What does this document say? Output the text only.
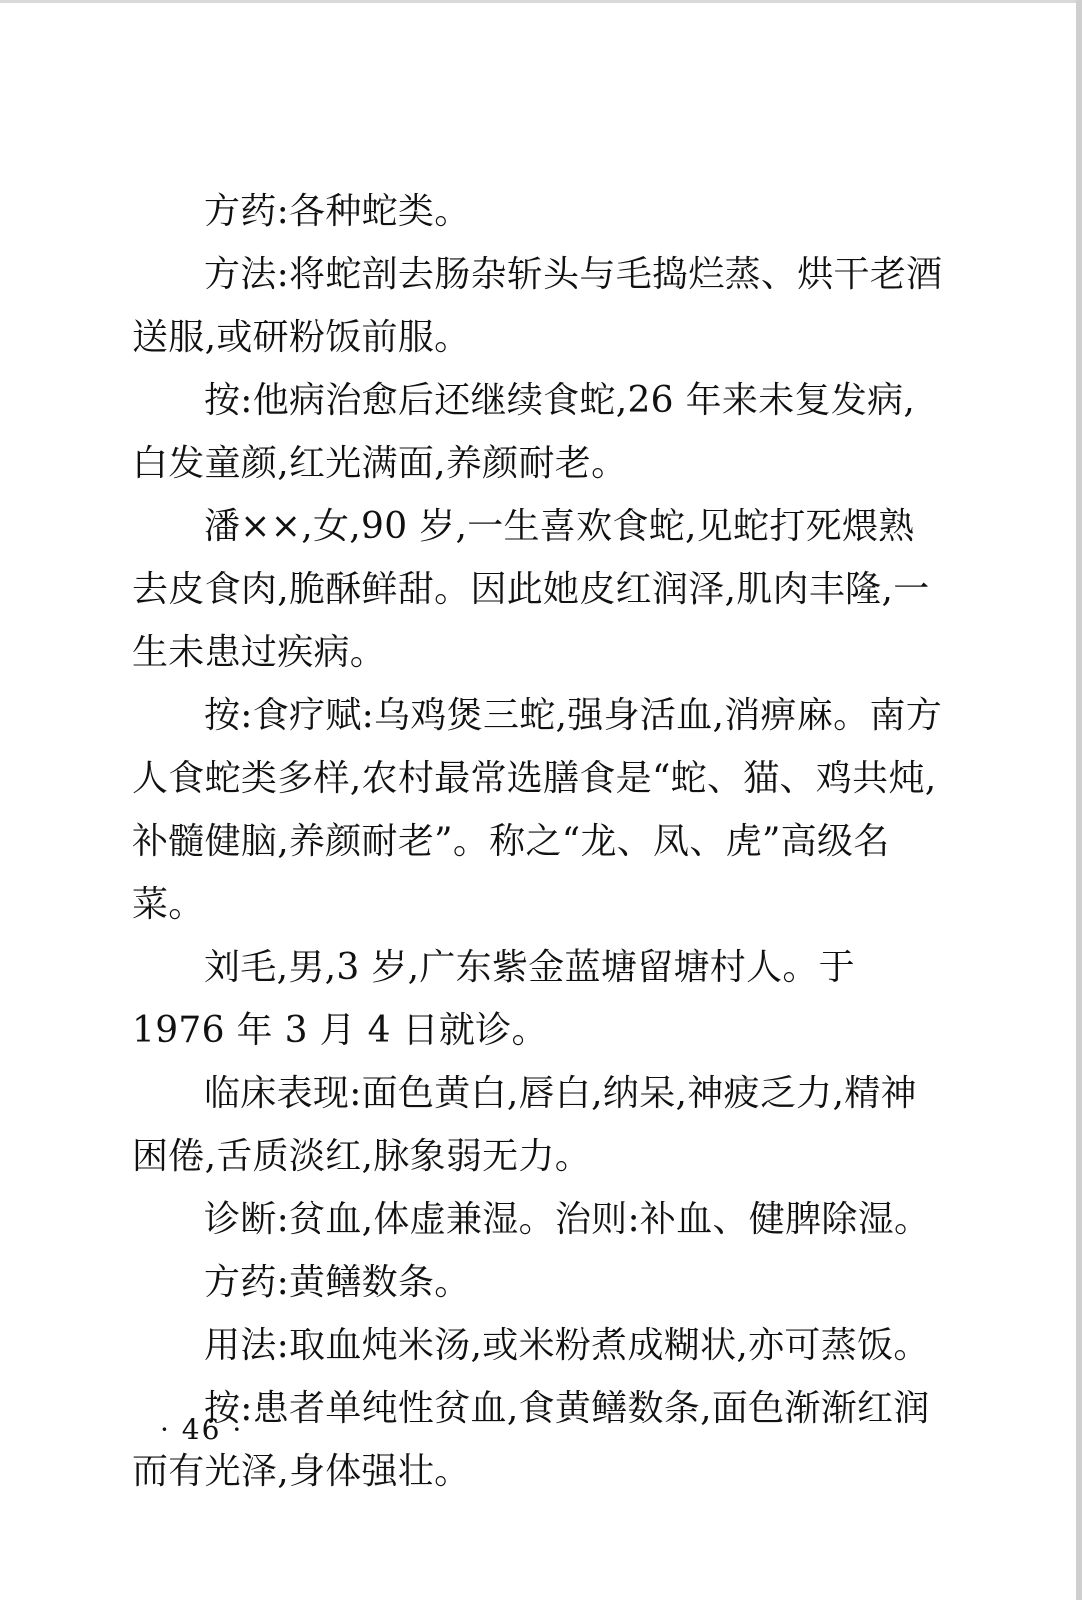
方药:各种蛇类。

方法:将蛇剖去肠杂斩头与毛捣烂蒸、烘干老酒送服,或研粉饭前服。

按:他病治愈后还继续食蛇,26 年来未复发病,白发童颜,红光满面,养颜耐老。

潘××,女,90 岁,一生喜欢食蛇,见蛇打死煨熟去皮食肉,脆酥鲜甜。因此她皮红润泽,肌肉丰隆,一生未患过疾病。

按:食疗赋:乌鸡煲三蛇,强身活血,消痹麻。南方人食蛇类多样,农村最常选膳食是“蛇、猫、鸡共炖,补髓健脑,养颜耐老”。称之“龙、凤、虎”高级名菜。

刘毛,男,3 岁,广东紫金蓝塘留塘村人。于 1976 年 3 月 4 日就诊。

临床表现:面色黄白,唇白,纳呆,神疲乏力,精神困倦,舌质淡红,脉象弱无力。

诊断:贫血,体虚兼湿。治则:补血、健脾除湿。

方药:黄鳝数条。

用法:取血炖米汤,或米粉煮成糊状,亦可蒸饭。

按:患者单纯性贫血,食黄鳝数条,面色渐渐红润而有光泽,身体强壮。

· 46 ·
